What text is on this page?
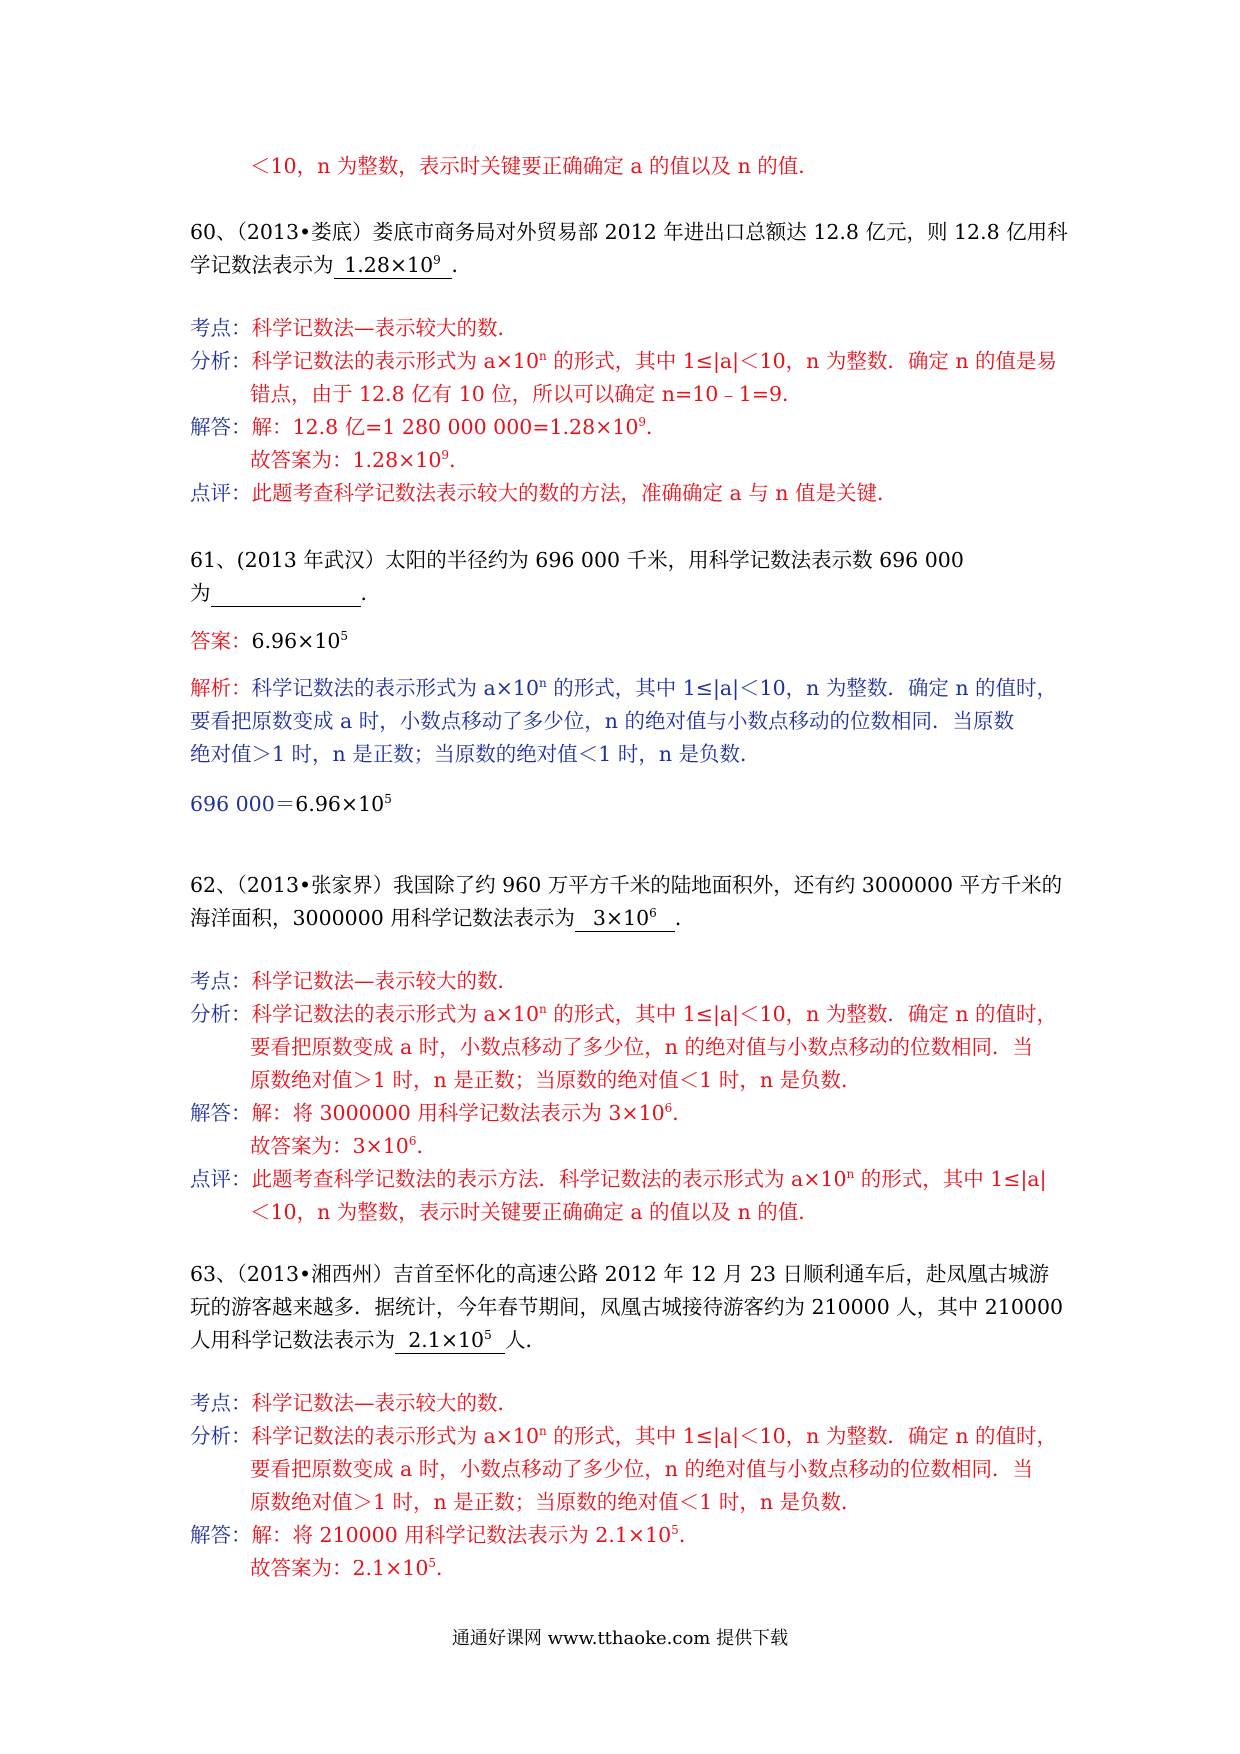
＜10，n 为整数，表示时关键要正确确定 a 的值以及 n 的值．
60、（2013•娄底）娄底市商务局对外贸易部 2012 年进出口总额达 12.8 亿元，则 12.8 亿用科
学记数法表示为 $1.28\times 10^9$ ．
考点：科学记数法—表示较大的数．
分析：科学记数法的表示形式为 $a\times 10^n$ 的形式，其中 1≤|a|＜10，n 为整数．确定 n 的值是易
错点，由于 12.8 亿有 10 位，所以可以确定 n=10﹣1=9．
解答：解：12.8 亿=1 280 000 $000=1.28\times 10^9$．
故答案为：$1.28\times 10^9$．
点评：此题考查科学记数法表示较大的数的方法，准确确定 a 与 n 值是关键．
61、(2013 年武汉）太阳的半径约为 696 000 千米，用科学记数法表示数 696 000
为	．
答案：$6.96\times 10^5$
解析：科学记数法的表示形式为 $a\times 10^n$ 的形式，其中 1≤|a|＜10，n 为整数．确定 n 的值时，
要看把原数变成 a 时，小数点移动了多少位，n 的绝对值与小数点移动的位数相同．当原数
绝对值＞1 时，n 是正数；当原数的绝对值＜1 时，n 是负数．
696 $000=6.96\times 10^5$
62、（2013•张家界）我国除了约 960 万平方千米的陆地面积外，还有约 3000000 平方千米的
海洋面积，3000000 用科学记数法表示为 $3\times 10^6$ ．
考点：科学记数法—表示较大的数．
分析：科学记数法的表示形式为 $a\times 10^n$ 的形式，其中 1≤|a|＜10，n 为整数．确定 n 的值时，
要看把原数变成 a 时，小数点移动了多少位，n 的绝对值与小数点移动的位数相同．当
原数绝对值＞1 时，n 是正数；当原数的绝对值＜1 时，n 是负数．
解答：解：将 3000000 用科学记数法表示为 $3\times 10^6$．
故答案为：$3\times 10^6$．
点评：此题考查科学记数法的表示方法．科学记数法的表示形式为 $a\times 10^n$ 的形式，其中 1≤|a|
＜10，n 为整数，表示时关键要正确确定 a 的值以及 n 的值．
63、（2013•湘西州）吉首至怀化的高速公路 2012 年 12 月 23 日顺利通车后，赴凤凰古城游
玩的游客越来越多．据统计，今年春节期间，凤凰古城接待游客约为 210000 人，其中 210000
人用科学记数法表示为 $2.1\times 10^5$ 人．
考点：科学记数法—表示较大的数．
分析：科学记数法的表示形式为 $a\times 10^n$ 的形式，其中 1≤|a|＜10，n 为整数．确定 n 的值时，
要看把原数变成 a 时，小数点移动了多少位，n 的绝对值与小数点移动的位数相同．当
原数绝对值＞1 时，n 是正数；当原数的绝对值＜1 时，n 是负数．
解答：解：将 210000 用科学记数法表示为 $2.1\times 10^5$．
故答案为：$2.1\times 10^5$．
通通好课网 www.tthaoke.com 提供下载
